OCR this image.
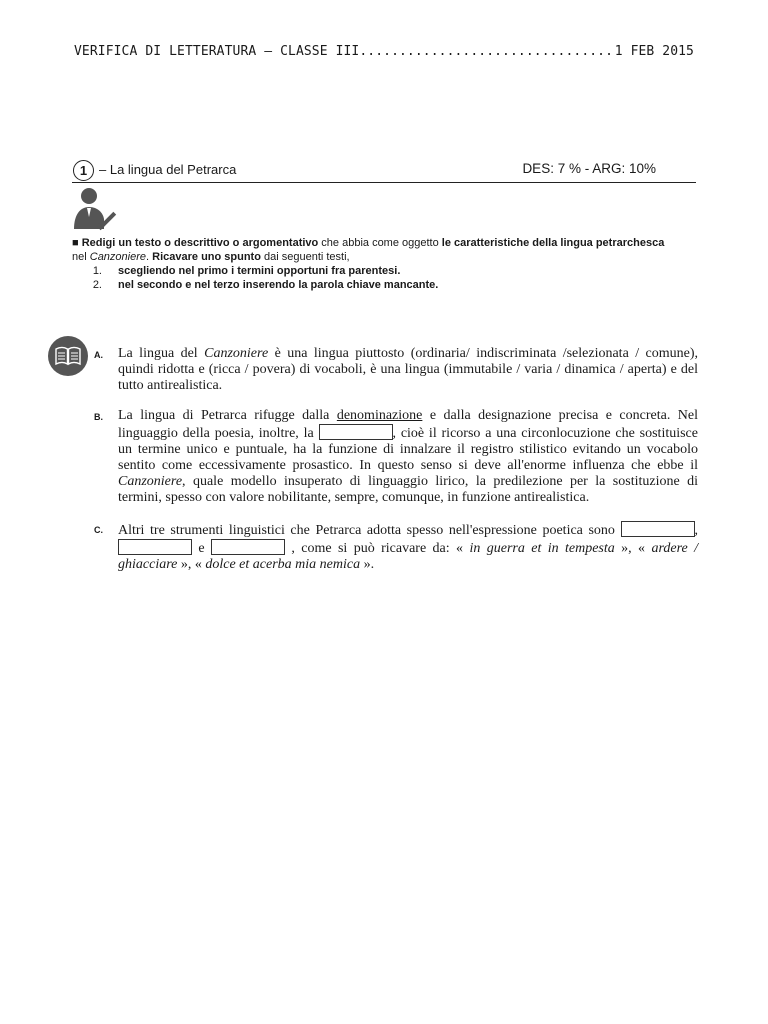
VERIFICA DI LETTERATURA – CLASSE III
.....	1 FEB 2015
1 – La lingua del Petrarca	DES: 7 % - ARG: 10%
■ Redigi un testo o descrittivo o argomentativo che abbia come oggetto le caratteristiche della lingua petrarchesca
nel Canzoniere. Ricavare uno spunto dai seguenti testi,
1.	scegliendo nel primo i termini opportuni fra parentesi.
2.	nel secondo e nel terzo inserendo la parola chiave mancante.
A. La lingua del Canzoniere è una lingua piuttosto (ordinaria/ indiscriminata /selezionata / comune), quindi ridotta e (ricca / povera) di vocaboli, è una lingua (immutabile / varia / dinamica / aperta) e del tutto antirealistica.
B. La lingua di Petrarca rifugge dalla denominazione e dalla designazione precisa e concreta. Nel linguaggio della poesia, inoltre, la	, cioè il ricorso a una circonlocuzione che sostituisce un termine unico e puntuale, ha la funzione di innalzare il registro stilistico evitando un vocabolo sentito come eccessivamente prosastico. In questo senso si deve all'enorme influenza che ebbe il Canzoniere, quale modello insuperato di linguaggio lirico, la predilezione per la sostituzione di termini, spesso con valore nobilitante, sempre, comunque, in funzione antirealistica.
C. Altri tre strumenti linguistici che Petrarca adotta spesso nell'espressione poetica sono	,  e	, come si può ricavare da: « in guerra et in tempesta », « ardere / ghiacciare », « dolce et acerba mia nemica ».
